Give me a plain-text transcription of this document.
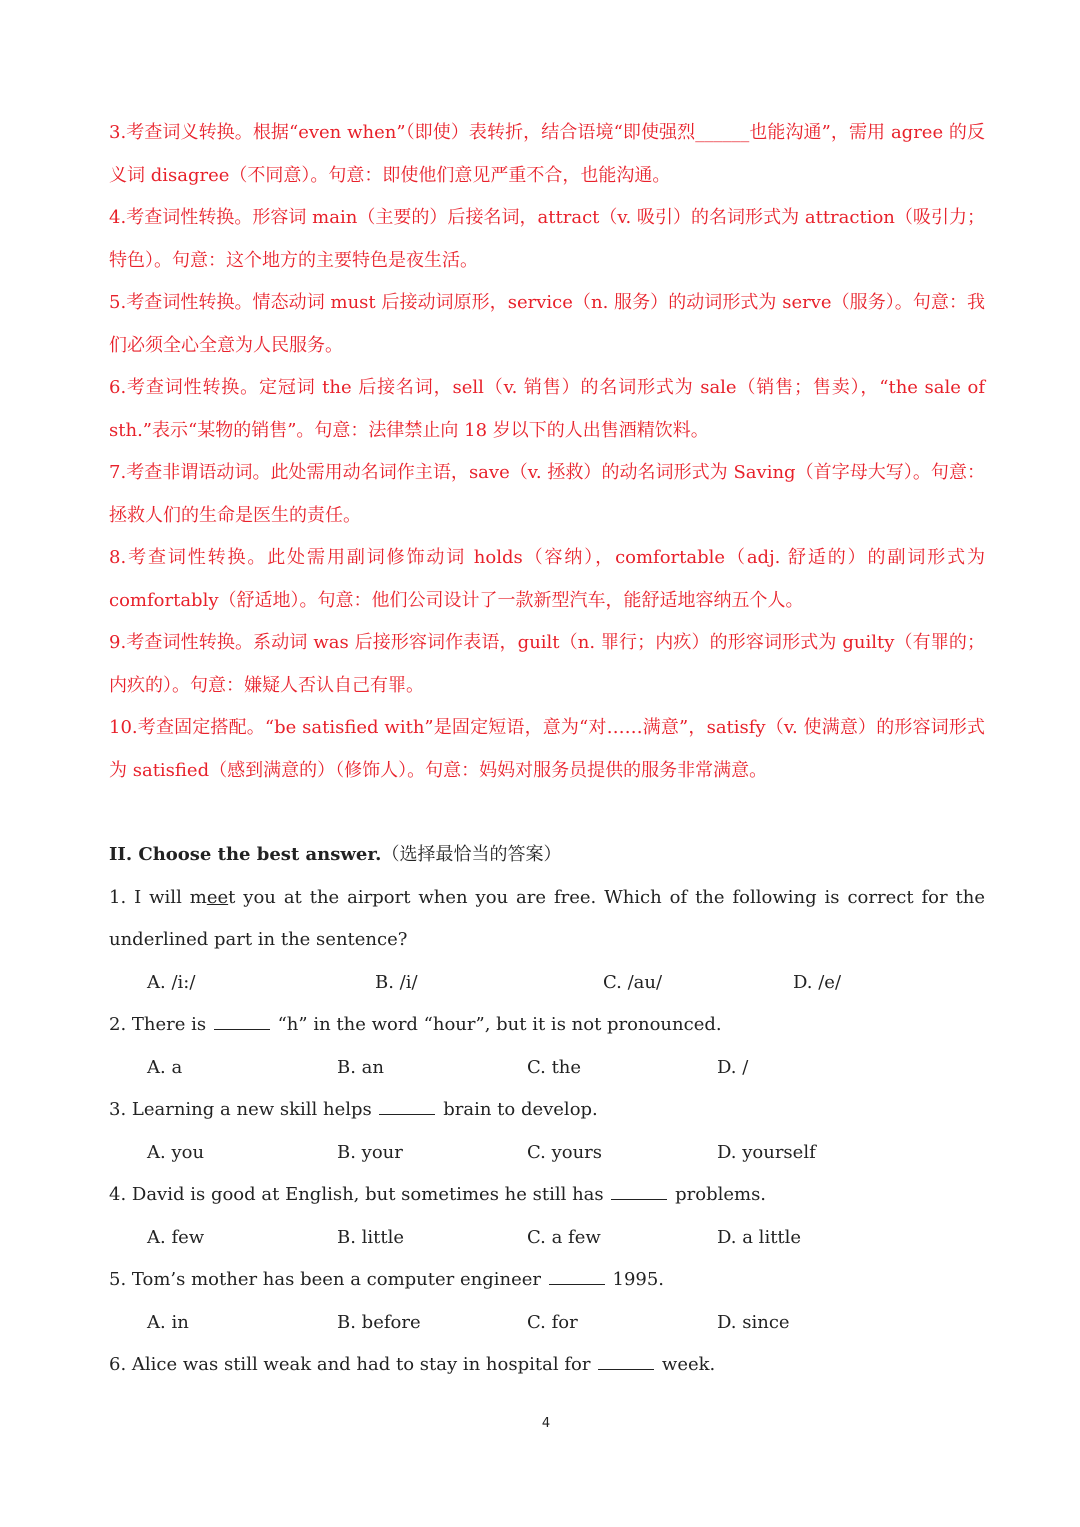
3.考查词义转换。根据“even when”（即使）表转折，结合语境“即使强烈______也能沟通”，需用 agree 的反义词 disagree（不同意）。句意：即使他们意见严重不合，也能沟通。

4.考查词性转换。形容词 main（主要的）后接名词，attract（v. 吸引）的名词形式为 attraction（吸引力；特色）。句意：这个地方的主要特色是夜生活。

5.考查词性转换。情态动词 must 后接动词原形，service（n. 服务）的动词形式为 serve（服务）。句意：我们必须全心全意为人民服务。

6.考查词性转换。定冠词 the 后接名词，sell（v. 销售）的名词形式为 sale（销售；售卖），“the sale of sth.”表示“某物的销售”。句意：法律禁止向 18 岁以下的人出售酒精饮料。

7.考查非谓语动词。此处需用动名词作主语，save（v. 拯救）的动名词形式为 Saving（首字母大写）。句意：拯救人们的生命是医生的责任。

8.考查词性转换。此处需用副词修饰动词 holds（容纳），comfortable（adj. 舒适的）的副词形式为 comfortably（舒适地）。句意：他们公司设计了一款新型汽车，能舒适地容纳五个人。

9.考查词性转换。系动词 was 后接形容词作表语，guilt（n. 罪行；内疚）的形容词形式为 guilty（有罪的；内疚的）。句意：嫌疑人否认自己有罪。

10.考查固定搭配。“be satisfied with”是固定短语，意为“对……满意”，satisfy（v. 使满意）的形容词形式为 satisfied（感到满意的）（修饰人）。句意：妈妈对服务员提供的服务非常满意。

II. Choose the best answer.（选择最恰当的答案）

1. I will meet you at the airport when you are free. Which of the following is correct for the underlined part in the sentence?

A. /i:/	B. /i/	C. /au/	D. /e/

2. There is	“h” in the word “hour”, but it is not pronounced.

A. a	B. an	C. the	D. /

3. Learning a new skill helps	brain to develop.

A. you	B. your	C. yours	D. yourself

4. David is good at English, but sometimes he still has	problems.

A. few	B. little	C. a few	D. a little

5. Tom’s mother has been a computer engineer	1995.

A. in	B. before	C. for	D. since

6. Alice was still weak and had to stay in hospital for	week.

4
